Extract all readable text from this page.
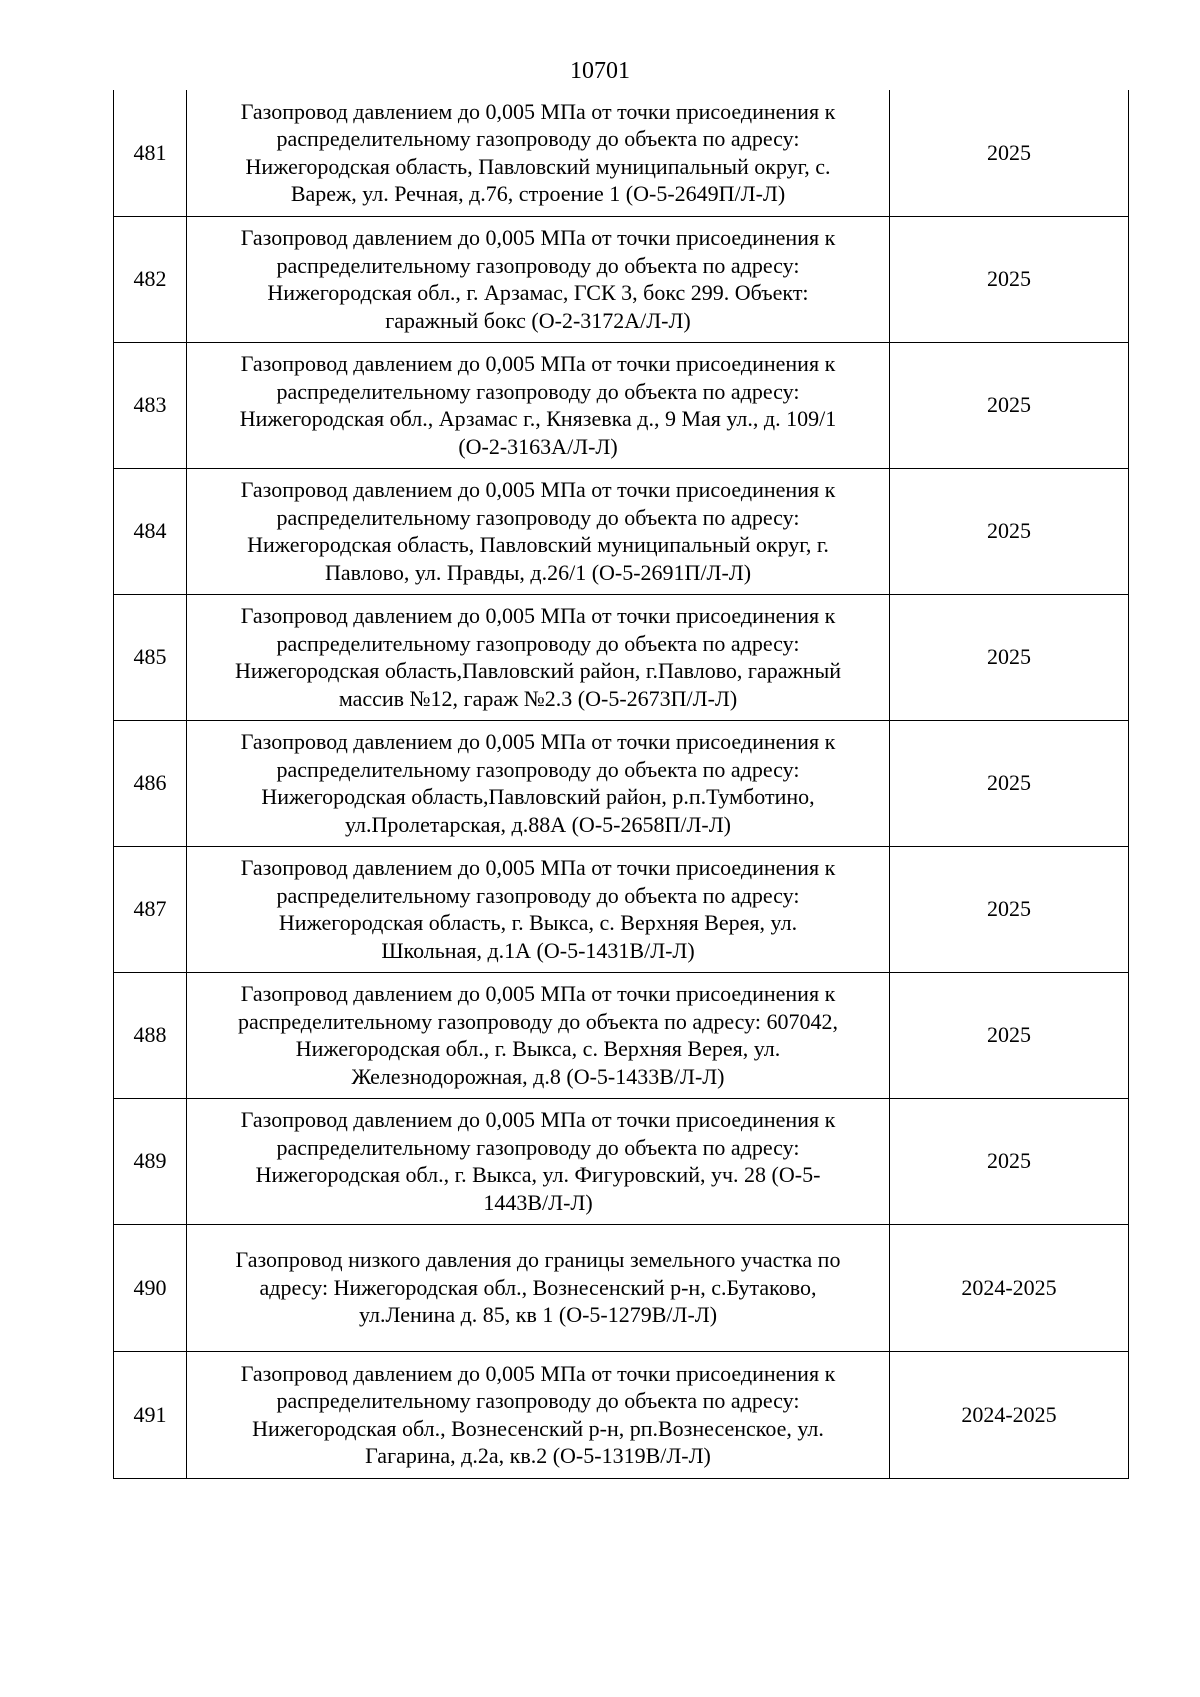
10701
481	Газопровод давлением до 0,005 МПа от точки присоединения к
распределительному газопроводу до объекта по адресу:
Нижегородская область, Павловский муниципальный округ, с.
Вареж, ул. Речная, д.76, строение 1 (О-5-2649П/Л-Л)	2025
482	Газопровод давлением до 0,005 МПа от точки присоединения к
распределительному газопроводу до объекта по адресу:
Нижегородская обл., г. Арзамас, ГСК 3, бокс 299. Объект:
гаражный бокс (О-2-3172А/Л-Л)	2025
483	Газопровод давлением до 0,005 МПа от точки присоединения к
распределительному газопроводу до объекта по адресу:
Нижегородская обл., Арзамас г., Князевка д., 9 Мая ул., д. 109/1
(О-2-3163А/Л-Л)	2025
484	Газопровод давлением до 0,005 МПа от точки присоединения к
распределительному газопроводу до объекта по адресу:
Нижегородская область, Павловский муниципальный округ, г.
Павлово, ул. Правды, д.26/1 (О-5-2691П/Л-Л)	2025
485	Газопровод давлением до 0,005 МПа от точки присоединения к
распределительному газопроводу до объекта по адресу:
Нижегородская область,Павловский район, г.Павлово, гаражный
массив №12, гараж №2.3 (О-5-2673П/Л-Л)	2025
486	Газопровод давлением до 0,005 МПа от точки присоединения к
распределительному газопроводу до объекта по адресу:
Нижегородская область,Павловский район, р.п.Тумботино,
ул.Пролетарская, д.88А (О-5-2658П/Л-Л)	2025
487	Газопровод давлением до 0,005 МПа от точки присоединения к
распределительному газопроводу до объекта по адресу:
Нижегородская область, г. Выкса, с. Верхняя Верея, ул.
Школьная, д.1А (О-5-1431В/Л-Л)	2025
488	Газопровод давлением до 0,005 МПа от точки присоединения к
распределительному газопроводу до объекта по адресу: 607042,
Нижегородская обл., г. Выкса, с. Верхняя Верея, ул.
Железнодорожная, д.8 (О-5-1433В/Л-Л)	2025
489	Газопровод давлением до 0,005 МПа от точки присоединения к
распределительному газопроводу до объекта по адресу:
Нижегородская обл., г. Выкса, ул. Фигуровский, уч. 28 (О-5-
1443В/Л-Л)	2025
490	Газопровод низкого давления до границы земельного участка по
адресу: Нижегородская обл., Вознесенский р-н, с.Бутаково,
ул.Ленина д. 85, кв 1 (О-5-1279В/Л-Л)	2024-2025
491	Газопровод давлением до 0,005 МПа от точки присоединения к
распределительному газопроводу до объекта по адресу:
Нижегородская обл., Вознесенский р-н, рп.Вознесенское, ул.
Гагарина, д.2а, кв.2 (О-5-1319В/Л-Л)	2024-2025
